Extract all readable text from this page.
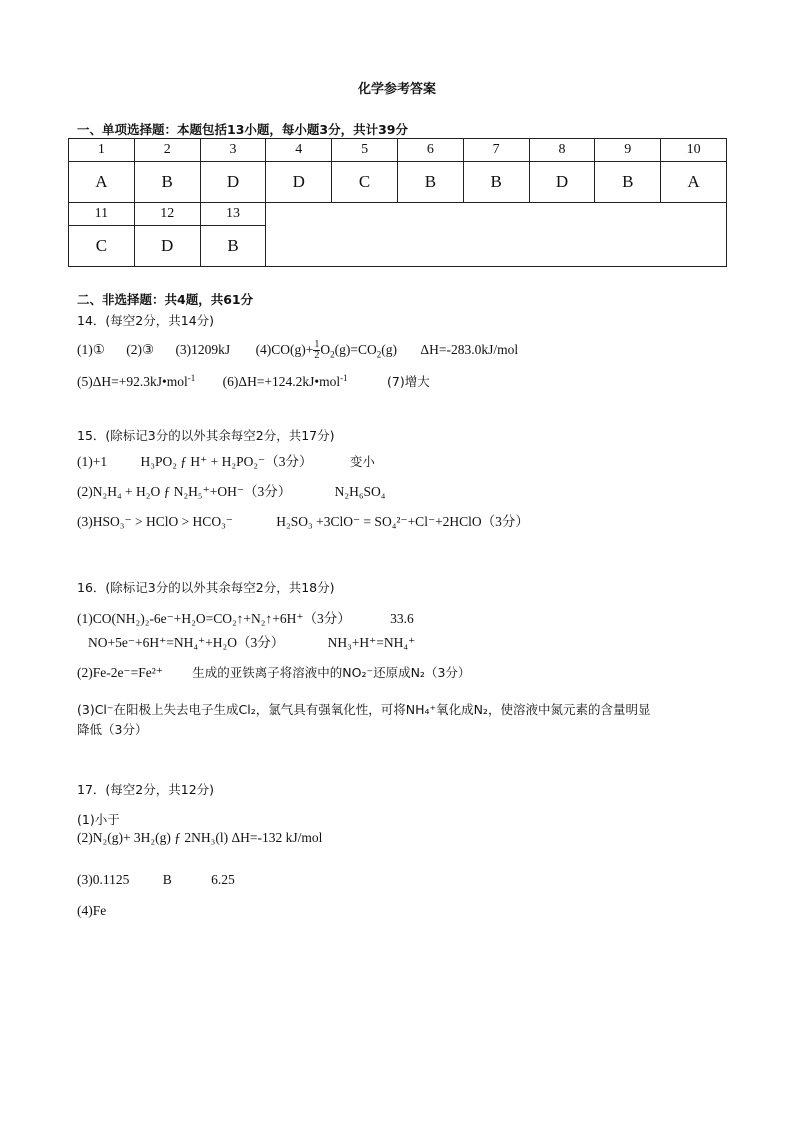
化学参考答案
一、单项选择题：本题包括13小题，每小题3分，共计39分
1	2	3	4	5	6	7	8	9	10
A	B	D	D	C	B	B	D	B	A
11	12	13							
C	D	B							
二、非选择题：共4题，共61分
14．(每空2分，共14分)
(1)① (2)③ (3)1209kJ $(4)CO(g)+ \frac{1}{2} O_2(g)=CO_2(g)$ ΔH=-283.0kJ/mol
(5)ΔH=+92.3kJ•mol$^{-1}$ (6)ΔH=+124.2kJ•mol$^{-1}$	(7)增大
15．(除标记3分的以外其余每空2分，共17分)
(1)+1 H₃PO₂ ƒ H⁺ + H₂PO₂⁻（3分）	变小
(2)N₂H₄ + H₂O ƒ N₂H₅⁺+OH⁻（3分）	N₂H₆SO₄
(3)HSO₃⁻ > HClO > HCO₃⁻	H₂SO₃ +3ClO⁻ = SO₄²⁻+Cl⁻+2HClO（3分）
16．(除标记3分的以外其余每空2分，共18分)
(1)CO(NH₂)₂-6e⁻+H₂O=CO₂↑+N₂↑+6H⁺（3分）	33.6
NO+5e⁻+6H⁺=NH₄⁺+H₂O（3分）	NH₃+H⁺=NH₄⁺
(2)Fe-2e⁻=Fe²⁺ 生成的亚铁离子将溶液中的NO₂⁻还原成N₂（3分）
(3)Cl⁻在阳极上失去电子生成Cl₂，氯气具有强氧化性，可将NH₄⁺氧化成N₂，使溶液中氮元素的含量明显
降低（3分）
17．(每空2分，共12分)
(1)小于
(2)N₂(g)+ 3H₂(g) ƒ 2NH₃(l) ΔH=-132 kJ/mol
(3)0.1125 B	6.25
(4)Fe
